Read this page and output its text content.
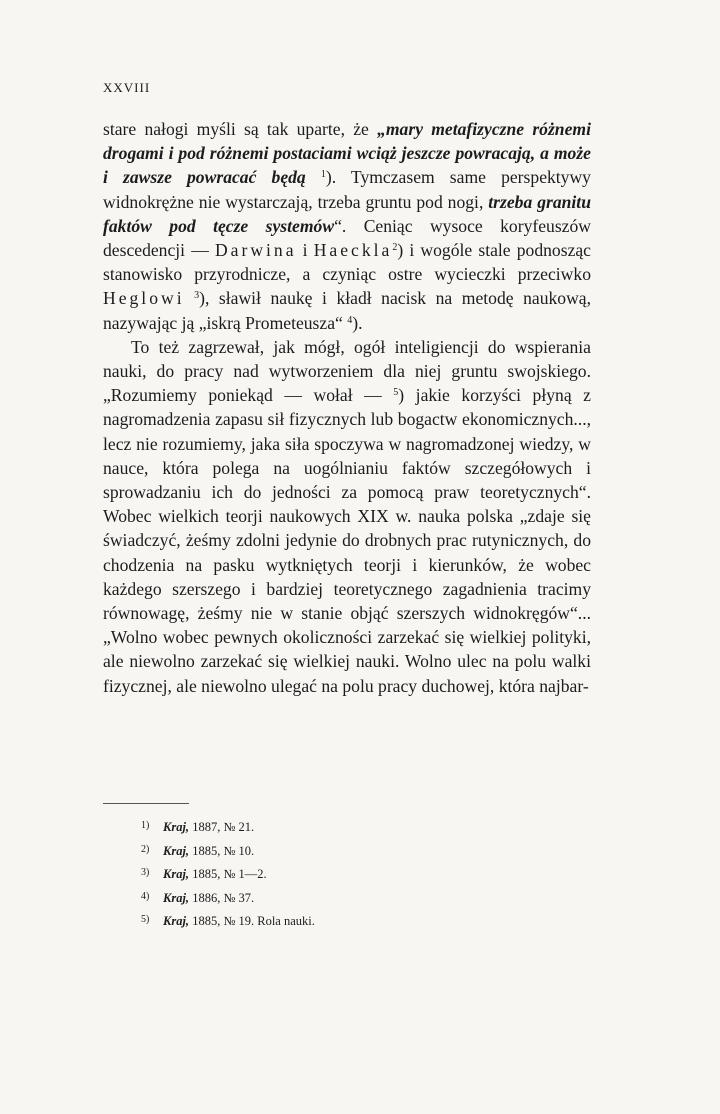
XXVIII

stare nałogi myśli są tak uparte, że „mary metafizyczne różnemi drogami i pod różnemi postaciami wciąż jeszcze powracają, a może i zawsze powracać będą $^1$). Tymczasem same perspektywy widnokrężne nie wystarczają, trzeba gruntu pod nogi, trzeba granitu faktów pod tęcze systemów“. Ceniąc wysoce koryfeuszów descedencji — Darwina i Haeckla$^2$) i wogóle stale podnosząc stanowisko przyrodnicze, a czyniąc ostre wycieczki przeciwko Heglowi $^3$), sławił naukę i kładł nacisk na metodę naukową, nazywając ją „iskrą Prometeusza“ $^4$).

To też zagrzewał, jak mógł, ogół inteligiencji do wspierania nauki, do pracy nad wytworzeniem dla niej gruntu swojskiego. „Rozumiemy poniekąd — wołał — $^5$) jakie korzyści płyną z nagromadzenia zapasu sił fizycznych lub bogactw ekonomicznych..., lecz nie rozumiemy, jaka siła spoczywa w nagromadzonej wiedzy, w nauce, która polega na uogólnianiu faktów szczegółowych i sprowadzaniu ich do jedności za pomocą praw teoretycznych“. Wobec wielkich teorji naukowych XIX w. nauka polska „zdaje się świadczyć, żeśmy zdolni jedynie do drobnych prac rutynicznych, do chodzenia na pasku wytkniętych teorji i kierunków, że wobec każdego szerszego i bardziej teoretycznego zagadnienia tracimy równowagę, żeśmy nie w stanie objąć szerszych widnokręgów“... „Wolno wobec pewnych okoliczności zarzekać się wielkiej polityki, ale niewolno zarzekać się wielkiej nauki. Wolno ulec na polu walki fizycznej, ale niewolno ulegać na polu pracy duchowej, która najbar-

1) Kraj, 1887, № 21.
2) Kraj, 1885, № 10.
3) Kraj, 1885, № 1—2.
4) Kraj, 1886, № 37.
5) Kraj, 1885, № 19. Rola nauki.
